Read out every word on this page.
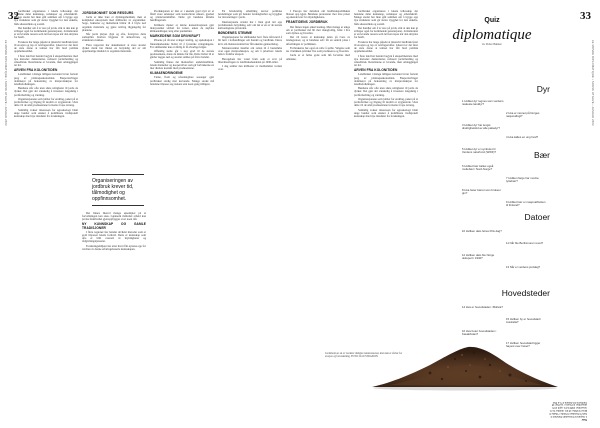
32	33
LE MONDE DIPLOMATIQUE • NORSK UTGAVE • JANUAR 2023	LE MONDE DIPLOMATIQUE • NORSK UTGAVE • JANUAR 2023

Jordbruket organiseres i lokale fellesskap der bøndene deler kunnskap, redskaper og arbeidskraft. Mange steder har man gått sammen om å bygge opp nye strukturer som gir større trygghet for den enkelte, både økonomisk og sosialt.

Det handler om å ta vare på jorda, slik at den kan gi avlinger også for kommende generasjoner. Jordsmonnet er en levende ressurs som lett kan tapes når den utnyttes for hardt.

Forskere har lenge påpekt at intensivt landbruk fører til erosjon og tap av næringsstoffer. Likevel er det først de siste årene at temaet har fått bred politisk oppmerksomhet.

I flere land har bønder begynt å eksperimentere med nye metoder: dekkvekster, redusert jordarbeiding og vekselbruk. Resultatene er lovende, men omleggingen tar tid.

ARVEN FRA KOLONITIDEN

Landbruket i mange tidligere kolonier bærer fortsatt preg av plantasjeøkonomien. Eksportavlinger dominerer på bekostning av matproduksjon for lokalbefolkningen.

Bøndene står ofte uten sikre rettigheter til jorda de dyrker. Det gjør det vanskelig å investere langsiktig i jordforbedring og vanning.

Organisasjonene som jobber for endring, peker på at jordreformer og tilgang til kreditt er avgjørende. Uten dette vil de små produsentene fortsette å tape terreng.

Samtidig vokser interessen for agroøkologi blant unge bønder som ønsker å kombinere tradisjonell kunnskap med nye innsikter fra forskningen.

JORDSMONNET SOM RESSURS

Jorda er ikke bare et dyrkingsmedium, men et komplekst økosystem med milliarder av organismer. Sopp, bakterier og meitemark bidrar til å bryte ned organisk materiale og gjøre næring tilgjengelig for plantene.

Når jorda pløyes dypt og ofte, forstyrres dette samspillet. Karbon frigjøres til atmosfæren, og strukturen svekkes.

Flere rapporter har dokumentert at store arealer dyrket mark har mistet en betydelig del av sitt opprinnelige innhold av organisk materiale.

Organiseringen av jordbruk krever tid, tålmodighet og oppfinnsomhet.

Det finnes likevel mange eksempler på at forvaltningen kan snus. Gjennom målrettet arbeid kan jordas fruktbarhet gjenoppbygges over noen tiår.

NY KUNNSKAP OG GAMLE TRADISJONER

I flere regioner har bønder utviklet metoder som er godt tilpasset lokale forhold. Dette er kunnskap som ofte er blitt oversett av myndigheter og rådgivningstjenester.

Forskningsmiljøer har etter hvert fått øynene opp for verdien av denne erfaringsbaserte kunnskapen.

Produksjonen av mat er i økende grad styrt av et fåtall store selskaper som kontrollerer såkorn, gjødsel og plantevernmidler. Dette gir bøndene mindre handlingsrom.

Kritikere mener at denne konsentrasjonen gjør matsystemet sårbart for kriser, enten de skyldes klimaendringer, krig eller pandemier.

MARKEDENE SOM DRIVKRAFT

Prisene på råvarer svinger kraftig, og spekulasjon i finansmarkedene bidrar til å forsterke svingningene. For småbønder kan et dårlig år få alvorlige følger.

Offentlig støtte går i stor grad til de største produsentene, mens de minste får lite. Dette bidrar til at gårder legges ned og arealer samles på færre hender.

Samtidig finnes det motkrefter: andelslandbruk, lokale markeder og kooperativer som gir forbrukerne en mer direkte kontakt med produsentene.

KLIMAENDRINGENE

Tørke, flom og uforutsigbare sesonger gjør jordbruket stadig mer krevende. Mange steder må bøndene tilpasse seg raskere enn noen gang tidligere.

En bærekraftig omstilling krever politiske beslutninger som gir bønder forutsigbarhet og trygghet for investeringer i jorda.

Internasjonale avtaler har i liten grad tatt opp jordsmonnets betydning, selv om det er en av de største karbonlagrene på kloden.

BØNDENES STEMME

Organisasjoner for småbønder har i flere tiår krevd å bli hørt i forhandlinger om handel og landbruk. Deres krav om matsuverenitet har fått økende gjennomslag.

Matsuverenitet handler om retten til å bestemme over egen matproduksjon, og om å prioritere lokale behov framfor eksport.

Bevegelsen har vokst fram som et svar på liberaliseringen av landbrukshandelen på 1990-tallet.

I dag samler den millioner av medlemmer verden over.

I Europa har debatten om landbrukspolitikken blusset opp igjen. Bøndene protesterer mot lave priser og økende krav fra myndighetene.

FRAMTIDENS JORDBRUK

Det finnes ingen enkel løsning. Men mange er enige om at jordbruket må bli mer mangfoldig, både i hva som dyrkes og hvordan.

Det vil kreve at kunnskap deles på tvers av landegrenser, og at bøndene selv får en sentral plass i utformingen av politikken.

Forbrukerne har også en rolle å spille. Valgene som tas i butikken påvirker hva som produseres og hvordan.

Jorda er et felles gode som må forvaltes med omtanke.

Jordbruket organiseres i lokale fellesskap der bøndene deler kunnskap, redskaper og arbeidskraft. Mange steder har man gått sammen om å bygge opp nye strukturer som gir større trygghet for den enkelte, både økonomisk og sosialt.

Det handler om å ta vare på jorda, slik at den kan gi avlinger også for kommende generasjoner. Jordsmonnet er en levende ressurs som lett kan tapes når den utnyttes for hardt.

Forskere har lenge påpekt at intensivt landbruk fører til erosjon og tap av næringsstoffer. Likevel er det først de siste årene at temaet har fått bred politisk oppmerksomhet.

I flere land har bønder begynt å eksperimentere med nye metoder: dekkvekster, redusert jordarbeiding og vekselbruk. Resultatene er lovende, men omleggingen tar tid.

ARVEN FRA KOLONITIDEN

Landbruket i mange tidligere kolonier bærer fortsatt preg av plantasjeøkonomien. Eksportavlinger dominerer på bekostning av matproduksjon for lokalbefolkningen.

Bøndene står ofte uten sikre rettigheter til jorda de dyrker. Det gjør det vanskelig å investere langsiktig i jordforbedring og vanning.

Organisasjonene som jobber for endring, peker på at jordreformer og tilgang til kreditt er avgjørende. Uten dette vil de små produsentene fortsette å tape terreng.

Samtidig vokser interessen for agroøkologi blant unge bønder som ønsker å kombinere tradisjonell kunnskap med nye innsikter fra forskningen.

Jordsmonn er en av verdens viktigste naturressurser, men den er sårbar for erosjon og forurensning. FOTO: ILLUSTRASJON
$^{Quiz}$ diplomatique
Av Petter Bakken
Dyr
Bær
Datoer
Hovedsteder
1 Hvilket dyr regnes som verdens raskeste landdyr?
2 Hva er navnet på Norges nasjonalfugl?
3 Hvilket dyr har lengst drektighetstid av alle pattedyr?
4 Hva kalles en ung hval?
5 Hvilket dyr er symbolet til Verdens naturfond (WWF)?
6 Hvilket bær kalles også multebær i Nord-Norge?
7 Hvilken farge har modne tyttebær?
8 Hva heter bæret som brukes i gin?
9 Hvilket bær er nasjonalfrukten til Finland?
10 Hvilken dato feires FNs dag?
11 Når ble Berlinmuren revet?
12 Hvilken dato ble Norge okkupert i 1940?
13 Når er verdens jorddag?
14 Hva er hovedstaden i Bolivia?
15 Hvilken by er hovedstad i Australia?
16 Hva heter hovedstaden i Kasakhstan?
17 Hvilken hovedstad ligger høyest over havet?
Svar
1 Gepard 2 Fossekall 3 Elefant 4 Kalv 5 Pandaen 6 Molte 7 Røde 8 Einer 9 Molte 10 24. oktober 11 9. november 1989 12 9. april 13 5. desember 14 Sucre / La Paz 15 Canberra 16 Astana 17 La Paz
